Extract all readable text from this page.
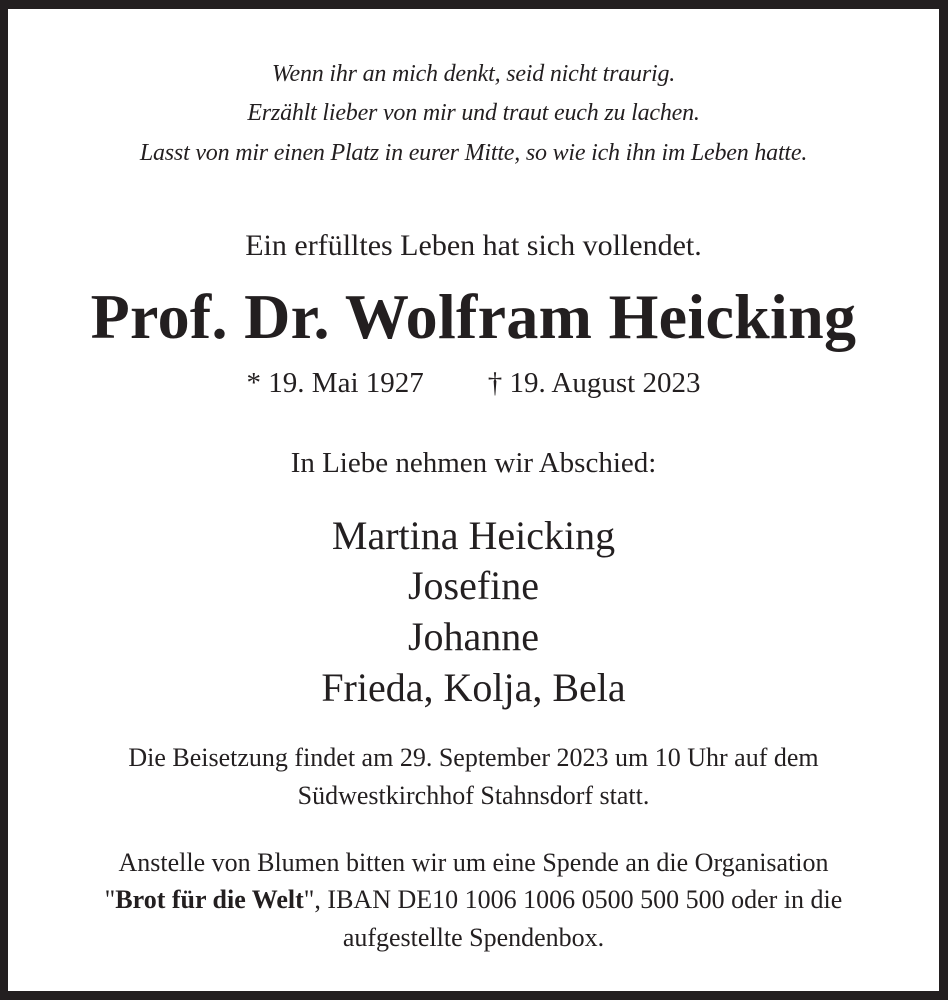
Wenn ihr an mich denkt, seid nicht traurig.
Erzählt lieber von mir und traut euch zu lachen.
Lasst von mir einen Platz in eurer Mitte, so wie ich ihn im Leben hatte.
Ein erfülltes Leben hat sich vollendet.
Prof. Dr. Wolfram Heicking
* 19. Mai 1927 † 19. August 2023
In Liebe nehmen wir Abschied:
Martina Heicking
Josefine
Johanne
Frieda, Kolja, Bela
Die Beisetzung findet am 29. September 2023 um 10 Uhr auf dem
Südwestkirchhof Stahnsdorf statt.
Anstelle von Blumen bitten wir um eine Spende an die Organisation
"Brot für die Welt", IBAN DE10 1006 1006 0500 500 500 oder in die
aufgestellte Spendenbox.
